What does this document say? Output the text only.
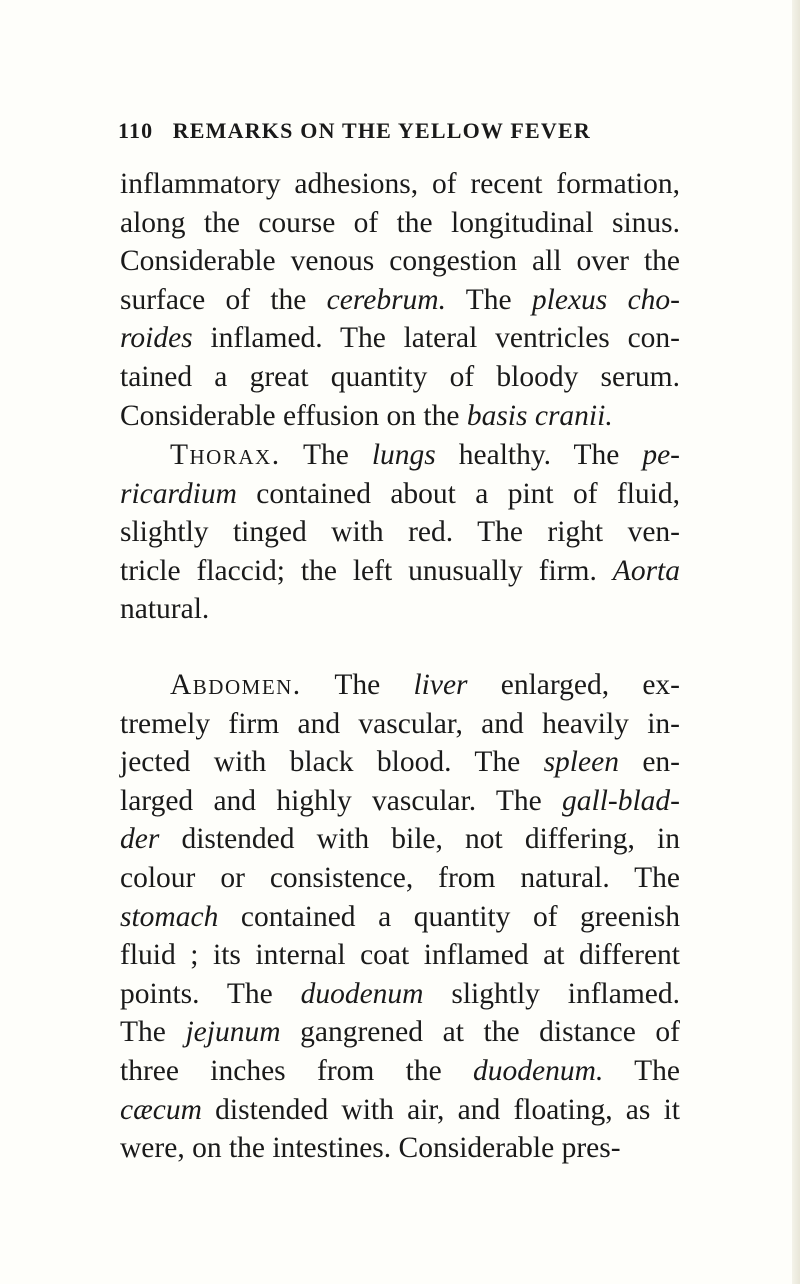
110 REMARKS ON THE YELLOW FEVER
inflammatory adhesions, of recent formation,
along the course of the longitudinal sinus.
Considerable venous congestion all over the
surface of the cerebrum. The plexus cho-
roides inflamed. The lateral ventricles con-
tained a great quantity of bloody serum.
Considerable effusion on the basis cranii.
Thorax. The lungs healthy. The pe-
ricardium contained about a pint of fluid,
slightly tinged with red. The right ven-
tricle flaccid; the left unusually firm. Aorta
natural.
Abdomen. The liver enlarged, ex-
tremely firm and vascular, and heavily in-
jected with black blood. The spleen en-
larged and highly vascular. The gall-blad-
der distended with bile, not differing, in
colour or consistence, from natural. The
stomach contained a quantity of greenish
fluid ; its internal coat inflamed at different
points. The duodenum slightly inflamed.
The jejunum gangrened at the distance of
three inches from the duodenum. The
cæcum distended with air, and floating, as it
were, on the intestines. Considerable pres-
